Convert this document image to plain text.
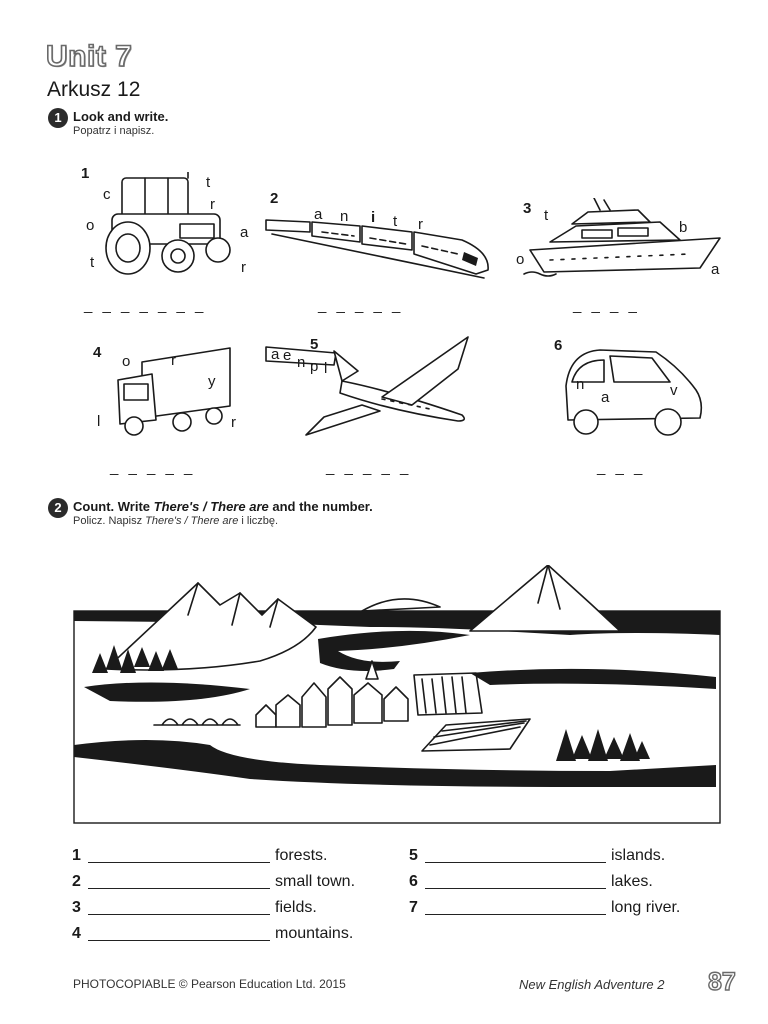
Unit 7
Arkusz 12
1 Look and write.
Popatrz i napisz.
1
t
c
r
o	a
t	r
_ _ _ _ _ _ _
2
a n i t r
_ _ _ _ _
3 t
b
o
a
_ _ _ _
4
o	r
y
l	r
_ _ _ _ _
5
a e n p l
_ _ _ _ _
6
n
a	v
_ _ _
2 Count. Write There's / There are and the number.
Policz. Napisz There's / There are i liczbę.
1	forests.
2	small town.
3	fields.
4	mountains.
5	islands.
6	lakes.
7	long river.
PHOTOCOPIABLE © Pearson Education Ltd. 2015	New English Adventure 2 87
